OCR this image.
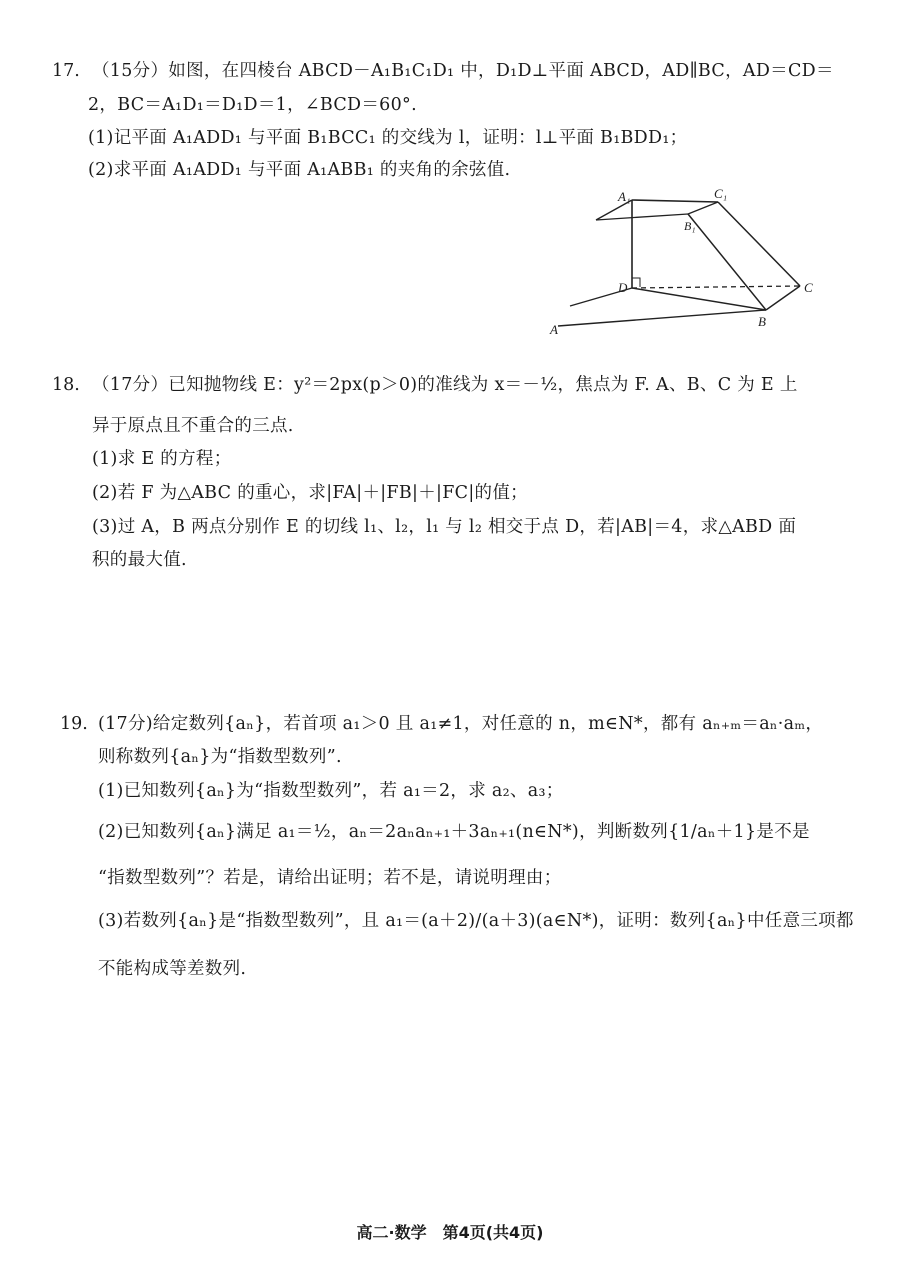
17. （15分）如图，在四棱台 ABCD－A₁B₁C₁D₁ 中，D₁D⊥平面 ABCD，AD∥BC，AD＝CD＝
2，BC＝A₁D₁＝D₁D＝1，∠BCD＝60°.
(1)记平面 A₁ADD₁ 与平面 B₁BCC₁ 的交线为 l，证明：l⊥平面 B₁BDD₁；
(2)求平面 A₁ADD₁ 与平面 A₁ABB₁ 的夹角的余弦值.
A₁	C₁
B₁
D	C
B
A
18. （17分）已知抛物线 E：y²＝2px(p＞0)的准线为 x＝－½，焦点为 F. A、B、C 为 E 上
异于原点且不重合的三点.
(1)求 E 的方程；
(2)若 F 为△ABC 的重心，求|FA|＋|FB|＋|FC|的值；
(3)过 A，B 两点分别作 E 的切线 l₁、l₂，l₁ 与 l₂ 相交于点 D，若|AB|＝4，求△ABD 面
积的最大值.
19. (17分)给定数列{aₙ}，若首项 a₁＞0 且 a₁≠1，对任意的 n，m∈N*，都有 aₙ₊ₘ＝aₙ·aₘ，
则称数列{aₙ}为“指数型数列”.
(1)已知数列{aₙ}为“指数型数列”，若 a₁＝2，求 a₂、a₃；
(2)已知数列{aₙ}满足 a₁＝½，aₙ＝2aₙaₙ₊₁＋3aₙ₊₁(n∈N*)，判断数列{1/aₙ＋1}是不是
“指数型数列”？若是，请给出证明；若不是，请说明理由；
(3)若数列{aₙ}是“指数型数列”，且 a₁＝(a＋2)/(a＋3)(a∈N*)，证明：数列{aₙ}中任意三项都
不能构成等差数列.
高二·数学　第4页(共4页)
